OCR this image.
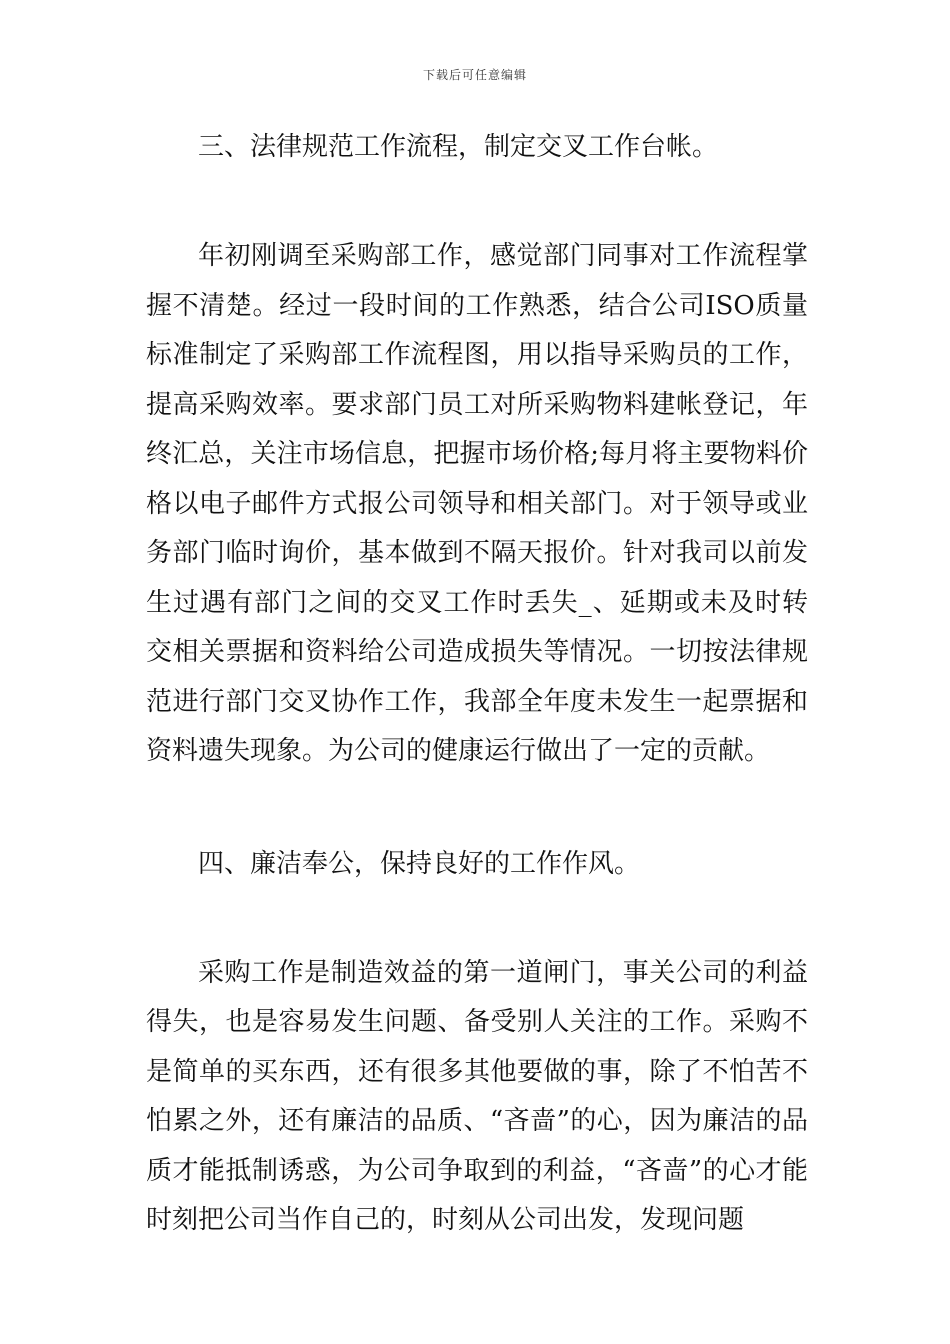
下载后可任意编辑

三、法律规范工作流程，制定交叉工作台帐。

年初刚调至采购部工作，感觉部门同事对工作流程掌握不清楚。经过一段时间的工作熟悉，结合公司ISO质量标准制定了采购部工作流程图，用以指导采购员的工作，提高采购效率。要求部门员工对所采购物料建帐登记，年终汇总，关注市场信息，把握市场价格;每月将主要物料价格以电子邮件方式报公司领导和相关部门。对于领导或业务部门临时询价，基本做到不隔天报价。针对我司以前发生过遇有部门之间的交叉工作时丢失_、延期或未及时转交相关票据和资料给公司造成损失等情况。一切按法律规范进行部门交叉协作工作，我部全年度未发生一起票据和资料遗失现象。为公司的健康运行做出了一定的贡献。

四、廉洁奉公，保持良好的工作作风。

采购工作是制造效益的第一道闸门，事关公司的利益得失，也是容易发生问题、备受别人关注的工作。采购不是简单的买东西，还有很多其他要做的事，除了不怕苦不怕累之外，还有廉洁的品质、“吝啬”的心，因为廉洁的品质才能抵制诱惑，为公司争取到的利益，“吝啬”的心才能时刻把公司当作自己的，时刻从公司出发，发现问题
